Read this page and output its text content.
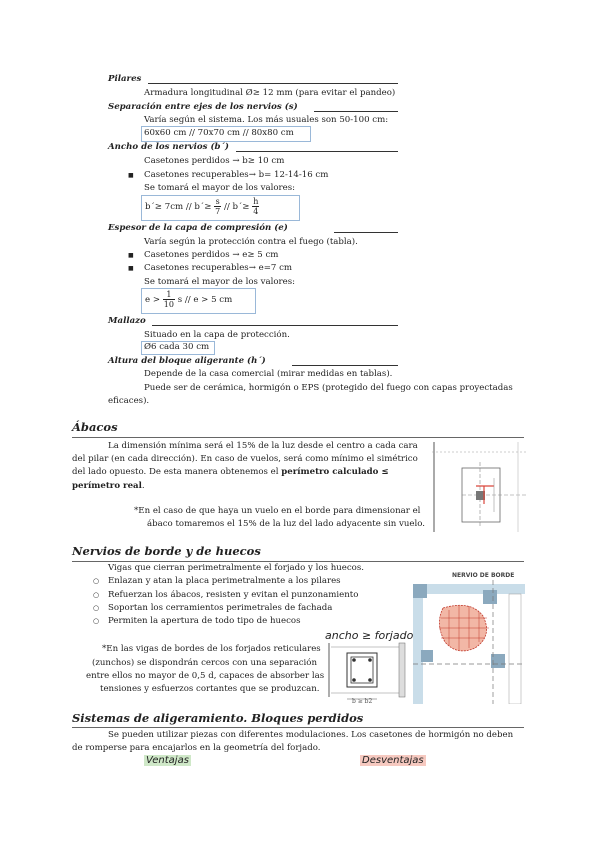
Pilares
Armadura longitudinal Ø≥ 12 mm (para evitar el pandeo)
Separación entre ejes de los nervios (s)
Varía según el sistema. Los más usuales son 50-100 cm:
60x60 cm // 70x70 cm // 80x80 cm
Ancho de los nervios (b´)
Casetones perdidos → b≥ 10 cm
■ Casetones recuperables→ b= 12-14-16 cm
Se tomará el mayor de los valores:
b´≥ 7cm // b´≥ $\frac{s}{7}$ // b´≥ $\frac{h}{4}$
Espesor de la capa de compresión (e)
Varía según la protección contra el fuego (tabla).
■ Casetones perdidos → e≥ 5 cm
■ Casetones recuperables→ e=7 cm
Se tomará el mayor de los valores:
$e > \frac{1}{10}$ s // e > 5 cm
Mallazo
Situado en la capa de protección.
Ø6 cada 30 cm
Altura del bloque aligerante (h´)
Depende de la casa comercial (mirar medidas en tablas).
Puede ser de cerámica, hormigón o EPS (protegido del fuego con capas proyectadas
eficaces).
Ábacos
La dimensión mínima será el 15% de la luz desde el centro a cada cara
del pilar (en cada dirección). En caso de vuelos, será como mínimo el simétrico
del lado opuesto. De esta manera obtenemos el perímetro calculado ≤
perímetro real.
*En el caso de que haya un vuelo en el borde para dimensionar el
ábaco tomaremos el 15% de la luz del lado adyacente sin vuelo.
Nervios de borde y de huecos
Vigas que cierran perimetralmente el forjado y los huecos.
○ Enlazan y atan la placa perimetralmente a los pilares
○ Refuerzan los ábacos, resisten y evitan el punzonamiento
○ Soportan los cerramientos perimetrales de fachada
○ Permiten la apertura de todo tipo de huecos
ancho ≥ forjado
*En las vigas de bordes de los forjados reticulares
(zunchos) se dispondrán cercos con una separación
entre ellos no mayor de 0,5 d, capaces de absorber las
tensiones y esfuerzos cortantes que se produzcan.
b ≥ b2
NERVIO DE BORDE
Sistemas de aligeramiento. Bloques perdidos
Se pueden utilizar piezas con diferentes modulaciones. Los casetones de hormigón no deben
de romperse para encajarlos en la geometría del forjado.
Ventajas	Desventajas
